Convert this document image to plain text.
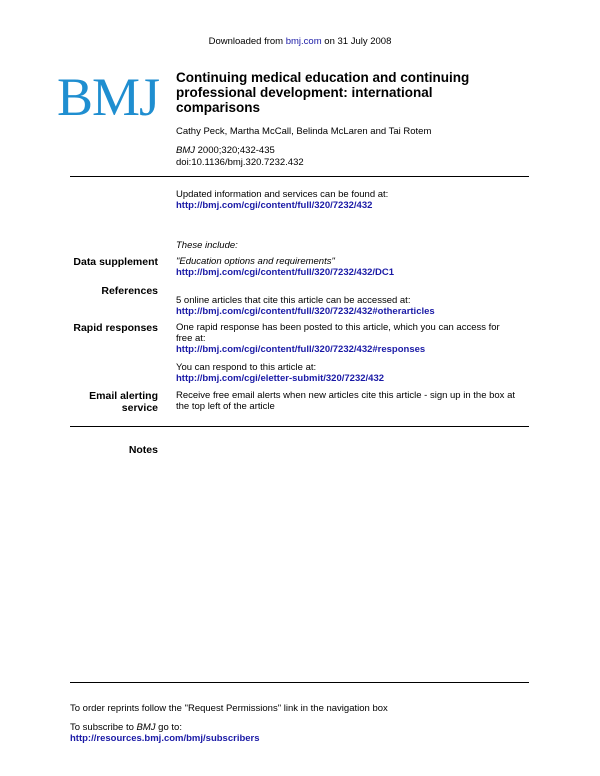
Downloaded from bmj.com on 31 July 2008
BMJ	Continuing medical education and continuing
professional development: international
comparisons
Cathy Peck, Martha McCall, Belinda McLaren and Tai Rotem
BMJ 2000;320;432-435
doi:10.1136/bmj.320.7232.432
Updated information and services can be found at:
http://bmj.com/cgi/content/full/320/7232/432
These include:
Data supplement "Education options and requirements"
http://bmj.com/cgi/content/full/320/7232/432/DC1
References
5 online articles that cite this article can be accessed at:
http://bmj.com/cgi/content/full/320/7232/432#otherarticles
Rapid responses One rapid response has been posted to this article, which you can access for
free at:
http://bmj.com/cgi/content/full/320/7232/432#responses
You can respond to this article at:
http://bmj.com/cgi/eletter-submit/320/7232/432
Email alerting
service
Receive free email alerts when new articles cite this article - sign up in the box at
the top left of the article
Notes
To order reprints follow the "Request Permissions" link in the navigation box
To subscribe to BMJ go to:
http://resources.bmj.com/bmj/subscribers
